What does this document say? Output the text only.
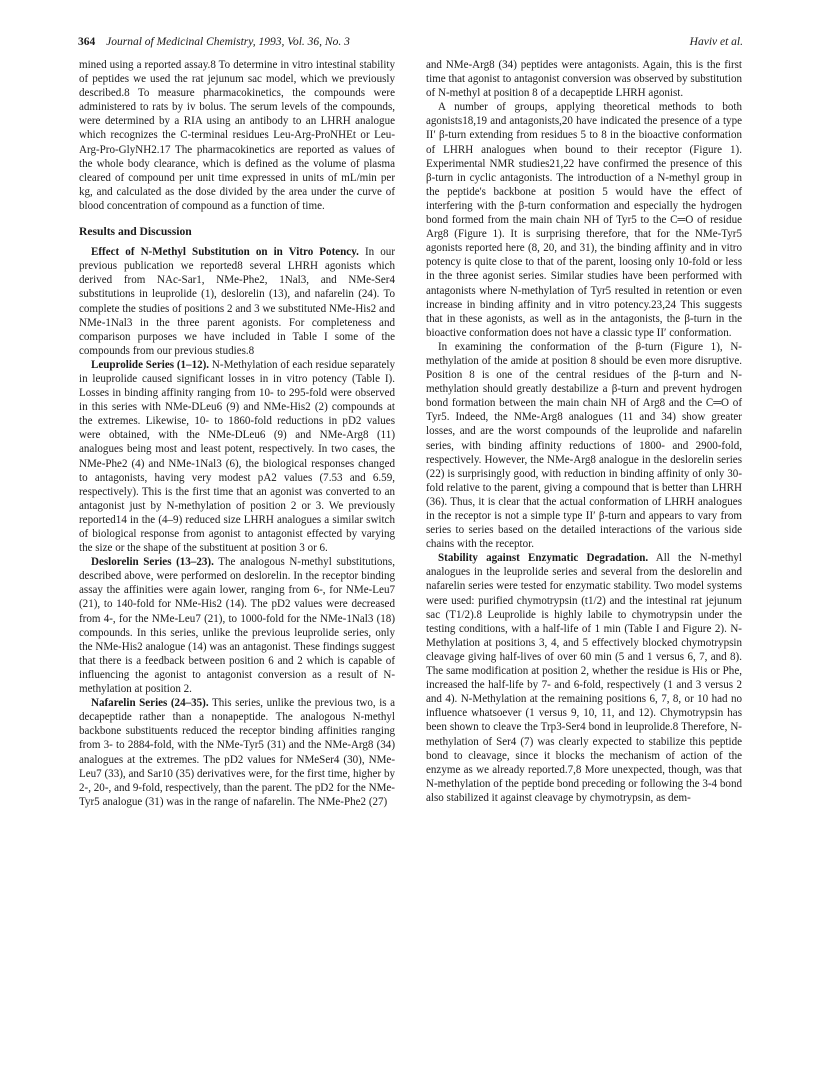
364 Journal of Medicinal Chemistry, 1993, Vol. 36, No. 3	Haviv et al.

mined using a reported assay.8 To determine in vitro intestinal stability of peptides we used the rat jejunum sac model, which we previously described.8 To measure pharmacokinetics, the compounds were administered to rats by iv bolus. The serum levels of the compounds, were determined by a RIA using an antibody to an LHRH analogue which recognizes the C-terminal residues Leu-Arg-ProNHEt or Leu-Arg-Pro-GlyNH2.17 The pharmacokinetics are reported as values of the whole body clearance, which is defined as the volume of plasma cleared of compound per unit time expressed in units of mL/min per kg, and calculated as the dose divided by the area under the curve of blood concentration of compound as a function of time.

Results and Discussion

Effect of N-Methyl Substitution on in Vitro Potency. In our previous publication we reported8 several LHRH agonists which derived from NAc-Sar1, NMe-Phe2, 1Nal3, and NMe-Ser4 substitutions in leuprolide (1), deslorelin (13), and nafarelin (24). To complete the studies of positions 2 and 3 we substituted NMe-His2 and NMe-1Nal3 in the three parent agonists. For completeness and comparison purposes we have included in Table I some of the compounds from our previous studies.8

Leuprolide Series (1–12). N-Methylation of each residue separately in leuprolide caused significant losses in in vitro potency (Table I). Losses in binding affinity ranging from 10- to 295-fold were observed in this series with NMe-DLeu6 (9) and NMe-His2 (2) compounds at the extremes. Likewise, 10- to 1860-fold reductions in pD2 values were obtained, with the NMe-DLeu6 (9) and NMe-Arg8 (11) analogues being most and least potent, respectively. In two cases, the NMe-Phe2 (4) and NMe-1Nal3 (6), the biological responses changed to antagonists, having very modest pA2 values (7.53 and 6.59, respectively). This is the first time that an agonist was converted to an antagonist just by N-methylation of position 2 or 3. We previously reported14 in the (4–9) reduced size LHRH analogues a similar switch of biological response from agonist to antagonist effected by varying the size or the shape of the substituent at position 3 or 6.

Deslorelin Series (13–23). The analogous N-methyl substitutions, described above, were performed on deslorelin. In the receptor binding assay the affinities were again lower, ranging from 6-, for NMe-Leu7 (21), to 140-fold for NMe-His2 (14). The pD2 values were decreased from 4-, for the NMe-Leu7 (21), to 1000-fold for the NMe-1Nal3 (18) compounds. In this series, unlike the previous leuprolide series, only the NMe-His2 analogue (14) was an antagonist. These findings suggest that there is a feedback between position 6 and 2 which is capable of influencing the agonist to antagonist conversion as a result of N-methylation at position 2.

Nafarelin Series (24–35). This series, unlike the previous two, is a decapeptide rather than a nonapeptide. The analogous N-methyl backbone substituents reduced the receptor binding affinities ranging from 3- to 2884-fold, with the NMe-Tyr5 (31) and the NMe-Arg8 (34) analogues at the extremes. The pD2 values for NMeSer4 (30), NMe-Leu7 (33), and Sar10 (35) derivatives were, for the first time, higher by 2-, 20-, and 9-fold, respectively, than the parent. The pD2 for the NMe-Tyr5 analogue (31) was in the range of nafarelin. The NMe-Phe2 (27)

and NMe-Arg8 (34) peptides were antagonists. Again, this is the first time that agonist to antagonist conversion was observed by substitution of N-methyl at position 8 of a decapeptide LHRH agonist.

A number of groups, applying theoretical methods to both agonists18,19 and antagonists,20 have indicated the presence of a type II′ β-turn extending from residues 5 to 8 in the bioactive conformation of LHRH analogues when bound to their receptor (Figure 1). Experimental NMR studies21,22 have confirmed the presence of this β-turn in cyclic antagonists. The introduction of a N-methyl group in the peptide's backbone at position 5 would have the effect of interfering with the β-turn conformation and especially the hydrogen bond formed from the main chain NH of Tyr5 to the C═O of residue Arg8 (Figure 1). It is surprising therefore, that for the NMe-Tyr5 agonists reported here (8, 20, and 31), the binding affinity and in vitro potency is quite close to that of the parent, loosing only 10-fold or less in the three agonist series. Similar studies have been performed with antagonists where N-methylation of Tyr5 resulted in retention or even increase in binding affinity and in vitro potency.23,24 This suggests that in these agonists, as well as in the antagonists, the β-turn in the bioactive conformation does not have a classic type II′ conformation.

In examining the conformation of the β-turn (Figure 1), N-methylation of the amide at position 8 should be even more disruptive. Position 8 is one of the central residues of the β-turn and N-methylation should greatly destabilize a β-turn and prevent hydrogen bond formation between the main chain NH of Arg8 and the C═O of Tyr5. Indeed, the NMe-Arg8 analogues (11 and 34) show greater losses, and are the worst compounds of the leuprolide and nafarelin series, with binding affinity reductions of 1800- and 2900-fold, respectively. However, the NMe-Arg8 analogue in the deslorelin series (22) is surprisingly good, with reduction in binding affinity of only 30-fold relative to the parent, giving a compound that is better than LHRH (36). Thus, it is clear that the actual conformation of LHRH analogues in the receptor is not a simple type II′ β-turn and appears to vary from series to series based on the detailed interactions of the various side chains with the receptor.

Stability against Enzymatic Degradation. All the N-methyl analogues in the leuprolide series and several from the deslorelin and nafarelin series were tested for enzymatic stability. Two model systems were used: purified chymotrypsin (t1/2) and the intestinal rat jejunum sac (T1/2).8 Leuprolide is highly labile to chymotrypsin under the testing conditions, with a half-life of 1 min (Table I and Figure 2). N-Methylation at positions 3, 4, and 5 effectively blocked chymotrypsin cleavage giving half-lives of over 60 min (5 and 1 versus 6, 7, and 8). The same modification at position 2, whether the residue is His or Phe, increased the half-life by 7- and 6-fold, respectively (1 and 3 versus 2 and 4). N-Methylation at the remaining positions 6, 7, 8, or 10 had no influence whatsoever (1 versus 9, 10, 11, and 12). Chymotrypsin has been shown to cleave the Trp3-Ser4 bond in leuprolide.8 Therefore, N-methylation of Ser4 (7) was clearly expected to stabilize this peptide bond to cleavage, since it blocks the mechanism of action of the enzyme as we already reported.7,8 More unexpected, though, was that N-methylation of the peptide bond preceding or following the 3-4 bond also stabilized it against cleavage by chymotrypsin, as dem-
